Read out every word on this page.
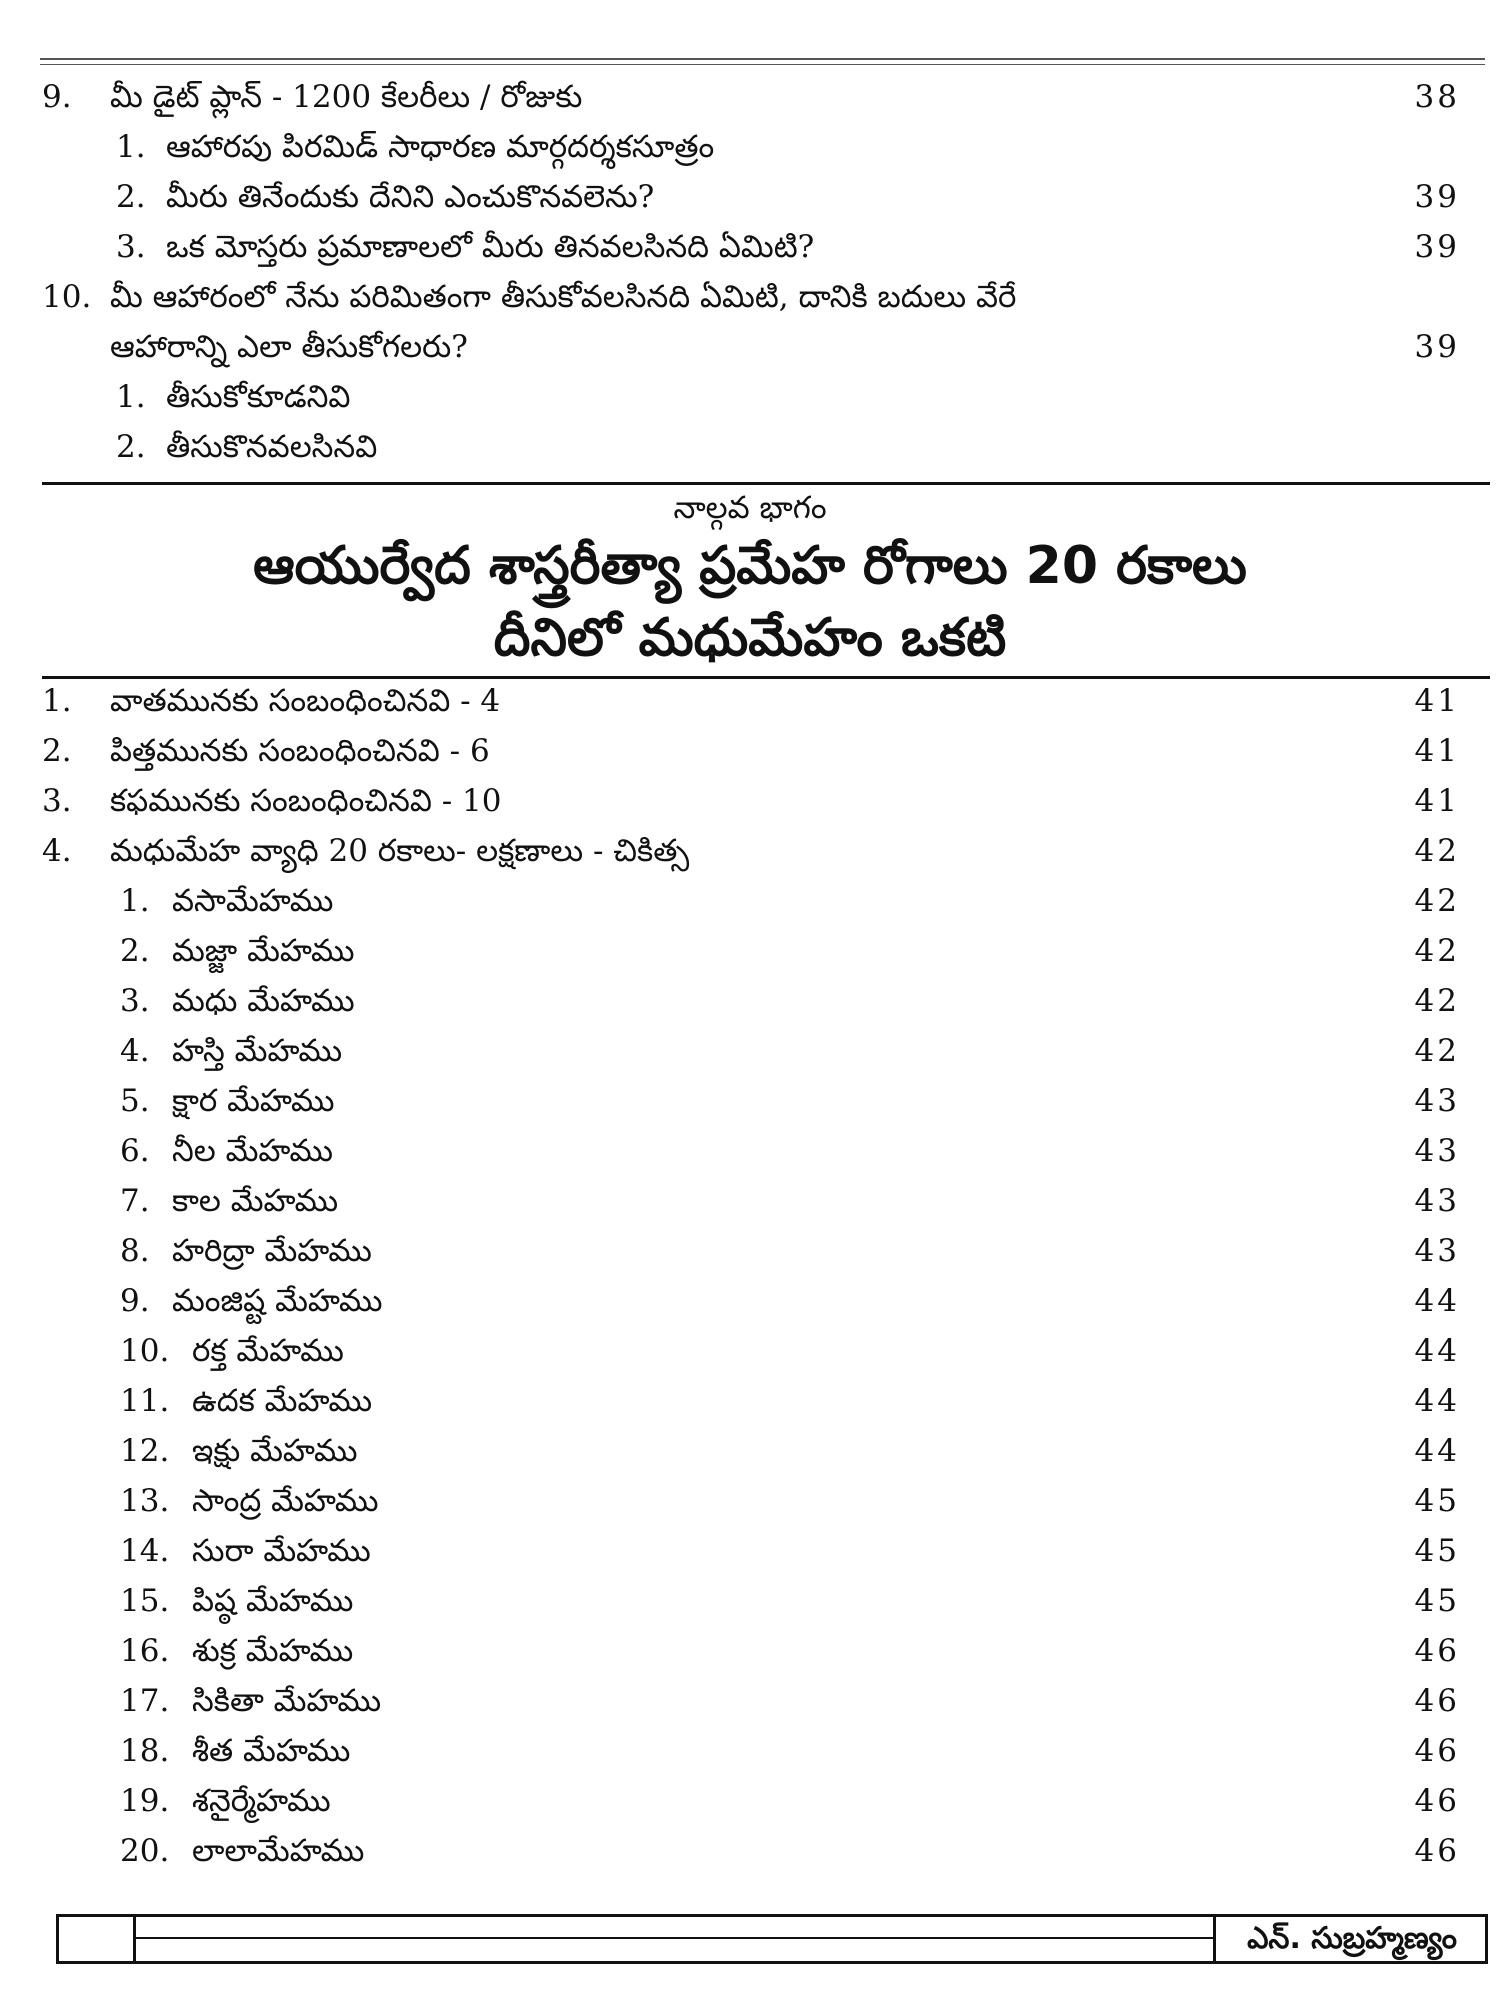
9. మీ డైట్ ప్లాన్ - 1200 కేలరీలు / రోజుకు	38
1. ఆహారపు పిరమిడ్ సాధారణ మార్గదర్శకసూత్రం
2. మీరు తినేందుకు దేనిని ఎంచుకొనవలెను?	39
3. ఒక మోస్తరు ప్రమాణాలలో మీరు తినవలసినది ఏమిటి?	39
10. మీ ఆహారంలో నేను పరిమితంగా తీసుకోవలసినది ఏమిటి, దానికి బదులు వేరే
ఆహారాన్ని ఎలా తీసుకోగలరు?	39
1. తీసుకోకూడనివి
2. తీసుకొనవలసినవి
నాల్గవ భాగం
ఆయుర్వేద శాస్త్రరీత్యా ప్రమేహ రోగాలు 20 రకాలు
దీనిలో మధుమేహం ఒకటి
1. వాతమునకు సంబంధించినవి - 4	41
2. పిత్తమునకు సంబంధించినవి - 6	41
3. కఫమునకు సంబంధించినవి - 10	41
4. మధుమేహ వ్యాధి 20 రకాలు- లక్షణాలు - చికిత్స	42
1. వసామేహము	42
2. మజ్జా మేహము	42
3. మధు మేహము	42
4. హస్తి మేహము	42
5. క్షార మేహము	43
6. నీల మేహము	43
7. కాల మేహము	43
8. హరిద్రా మేహము	43
9. మంజిష్ట మేహము	44
10. రక్త మేహము	44
11. ఉదక మేహము	44
12. ఇక్షు మేహము	44
13. సాంద్ర మేహము	45
14. సురా మేహము	45
15. పిష్ఠ మేహము	45
16. శుక్ర మేహము	46
17. సికితా మేహము	46
18. శీత మేహము	46
19. శనైర్మేహము	46
20. లాలామేహము	46
ఎన్. సుబ్రహ్మణ్యం
